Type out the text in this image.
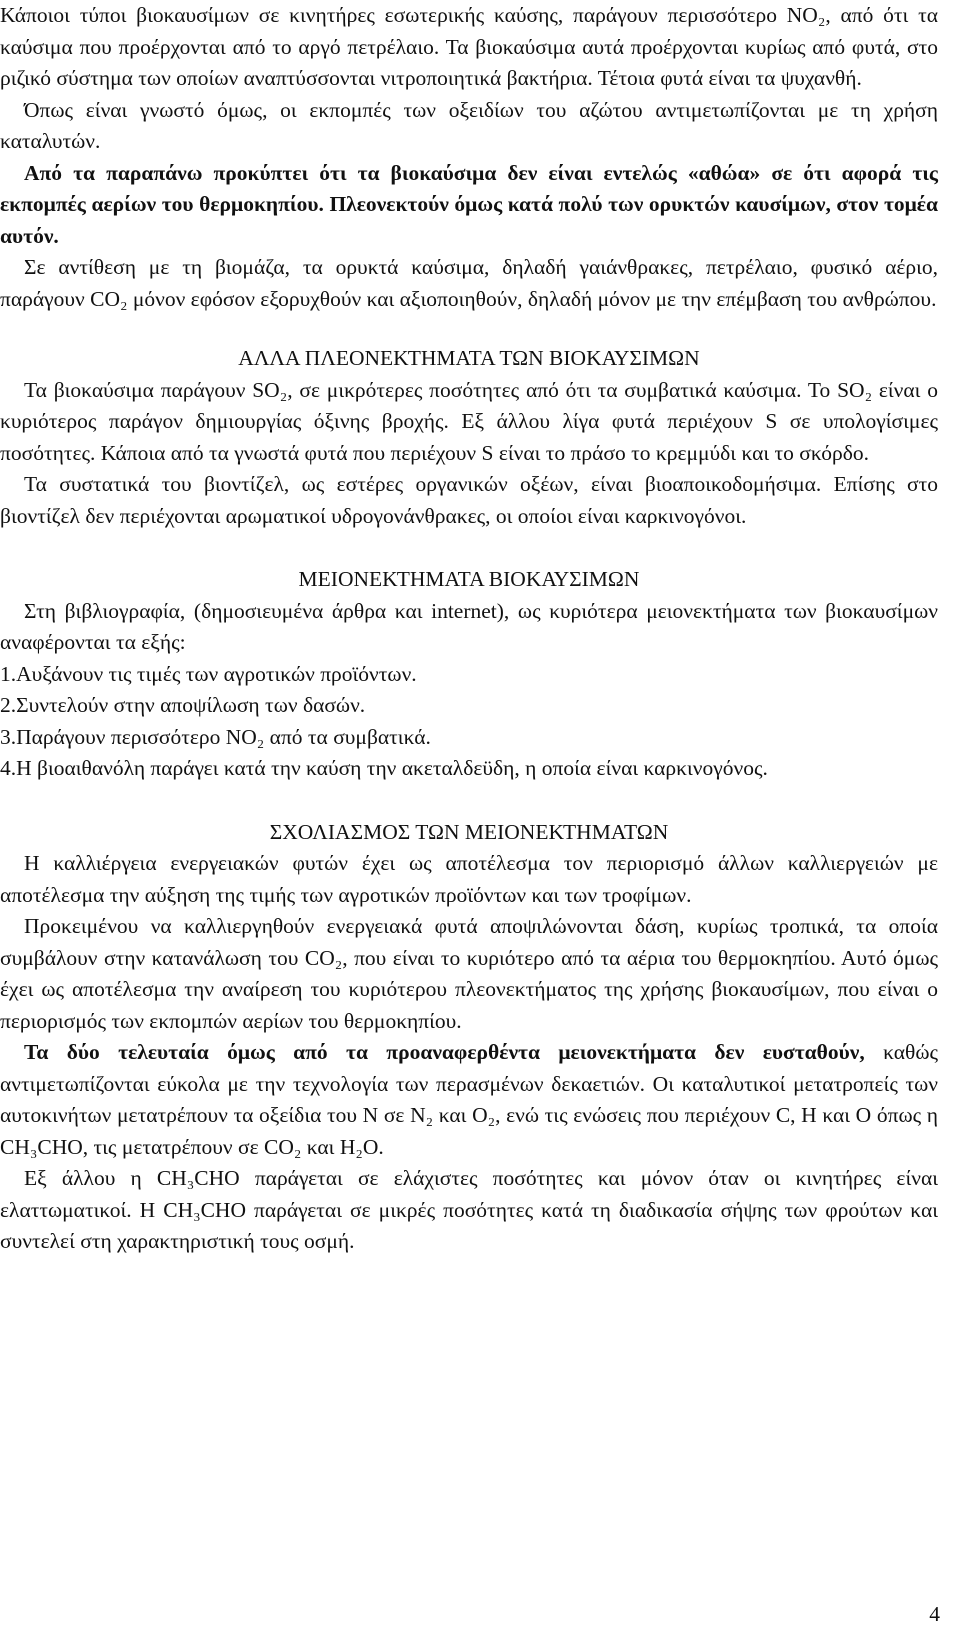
Κάποιοι τύποι βιοκαυσίμων σε κινητήρες εσωτερικής καύσης, παράγουν περισσότερο NO₂, από ότι τα καύσιμα που προέρχονται από το αργό πετρέλαιο. Τα βιοκαύσιμα αυτά προέρχονται κυρίως από φυτά, στο ριζικό σύστημα των οποίων αναπτύσσονται νιτροποιητικά βακτήρια. Τέτοια φυτά είναι τα ψυχανθή.

Όπως είναι γνωστό όμως, οι εκπομπές των οξειδίων του αζώτου αντιμετωπίζονται με τη χρήση καταλυτών.

Από τα παραπάνω προκύπτει ότι τα βιοκαύσιμα δεν είναι εντελώς «αθώα» σε ότι αφορά τις εκπομπές αερίων του θερμοκηπίου. Πλεονεκτούν όμως κατά πολύ των ορυκτών καυσίμων, στον τομέα αυτόν.

Σε αντίθεση με τη βιομάζα, τα ορυκτά καύσιμα, δηλαδή γαιάνθρακες, πετρέλαιο, φυσικό αέριο, παράγουν CO₂ μόνον εφόσον εξορυχθούν και αξιοποιηθούν, δηλαδή μόνον με την επέμβαση του ανθρώπου.

ΑΛΛΑ ΠΛΕΟΝΕΚΤΗΜΑΤΑ ΤΩΝ ΒΙΟΚΑΥΣΙΜΩΝ

Τα βιοκαύσιμα παράγουν SO₂, σε μικρότερες ποσότητες από ότι τα συμβατικά καύσιμα. Το SO₂ είναι ο κυριότερος παράγον δημιουργίας όξινης βροχής. Εξ άλλου λίγα φυτά περιέχουν S σε υπολογίσιμες ποσότητες. Κάποια από τα γνωστά φυτά που περιέχουν S είναι το πράσο το κρεμμύδι και το σκόρδο.

Τα συστατικά του βιοντίζελ, ως εστέρες οργανικών οξέων, είναι βιοαποικοδομήσιμα. Επίσης στο βιοντίζελ δεν περιέχονται αρωματικοί υδρογονάνθρακες, οι οποίοι είναι καρκινογόνοι.

ΜΕΙΟΝΕΚΤΗΜΑΤΑ ΒΙΟΚΑΥΣΙΜΩΝ

Στη βιβλιογραφία, (δημοσιευμένα άρθρα και internet), ως κυριότερα μειονεκτήματα των βιοκαυσίμων αναφέρονται τα εξής:

1.Αυξάνουν τις τιμές των αγροτικών προϊόντων.

2.Συντελούν στην αποψίλωση των δασών.

3.Παράγουν περισσότερο NO₂ από τα συμβατικά.

4.Η βιοαιθανόλη παράγει κατά την καύση την ακεταλδεϋδη, η οποία είναι καρκινογόνος.

ΣΧΟΛΙΑΣΜΟΣ ΤΩΝ ΜΕΙΟΝΕΚΤΗΜΑΤΩΝ

Η καλλιέργεια ενεργειακών φυτών έχει ως αποτέλεσμα τον περιορισμό άλλων καλλιεργειών με αποτέλεσμα την αύξηση της τιμής των αγροτικών προϊόντων και των τροφίμων.

Προκειμένου να καλλιεργηθούν ενεργειακά φυτά αποψιλώνονται δάση, κυρίως τροπικά, τα οποία συμβάλουν στην κατανάλωση του CO₂, που είναι το κυριότερο από τα αέρια του θερμοκηπίου. Αυτό όμως έχει ως αποτέλεσμα την αναίρεση του κυριότερου πλεονεκτήματος της χρήσης βιοκαυσίμων, που είναι ο περιορισμός των εκπομπών αερίων του θερμοκηπίου.

Τα δύο τελευταία όμως από τα προαναφερθέντα μειονεκτήματα δεν ευσταθούν, καθώς αντιμετωπίζονται εύκολα με την τεχνολογία των περασμένων δεκαετιών. Οι καταλυτικοί μετατροπείς των αυτοκινήτων μετατρέπουν τα οξείδια του N σε N₂ και O₂, ενώ τις ενώσεις που περιέχουν C, H και O όπως η CH₃CHO, τις μετατρέπουν σε CO₂ και H₂O.

Εξ άλλου η CH₃CHO παράγεται σε ελάχιστες ποσότητες και μόνον όταν οι κινητήρες είναι ελαττωματικοί. Η CH₃CHO παράγεται σε μικρές ποσότητες κατά τη διαδικασία σήψης των φρούτων και συντελεί στη χαρακτηριστική τους οσμή.

4
